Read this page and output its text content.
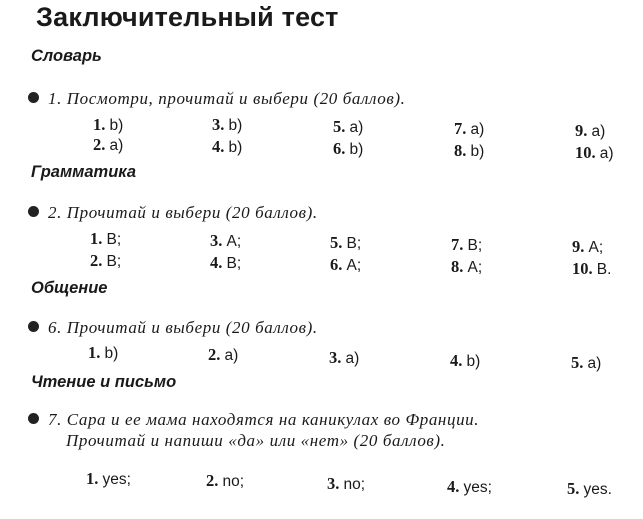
Заключительный тест
Словарь
1. Посмотри, прочитай и выбери (20 баллов).
1. b)	3. b)	5. a)	7. a)	9. a)
2. a)	4. b)	6. b)	8. b)	10. a)
Грамматика
2. Прочитай и выбери (20 баллов).
1. B;	3. A;	5. B;	7. B;	9. A;
2. B;	4. B;	6. A;	8. A;	10. B.
Общение
6. Прочитай и выбери (20 баллов).
1. b)	2. a)	3. a)	4. b)	5. a)
Чтение и письмо
7. Сара и ее мама находятся на каникулах во Франции.
Прочитай и напиши «да» или «нет» (20 баллов).
1. yes;	2. no;	3. no;	4. yes;	5. yes.
